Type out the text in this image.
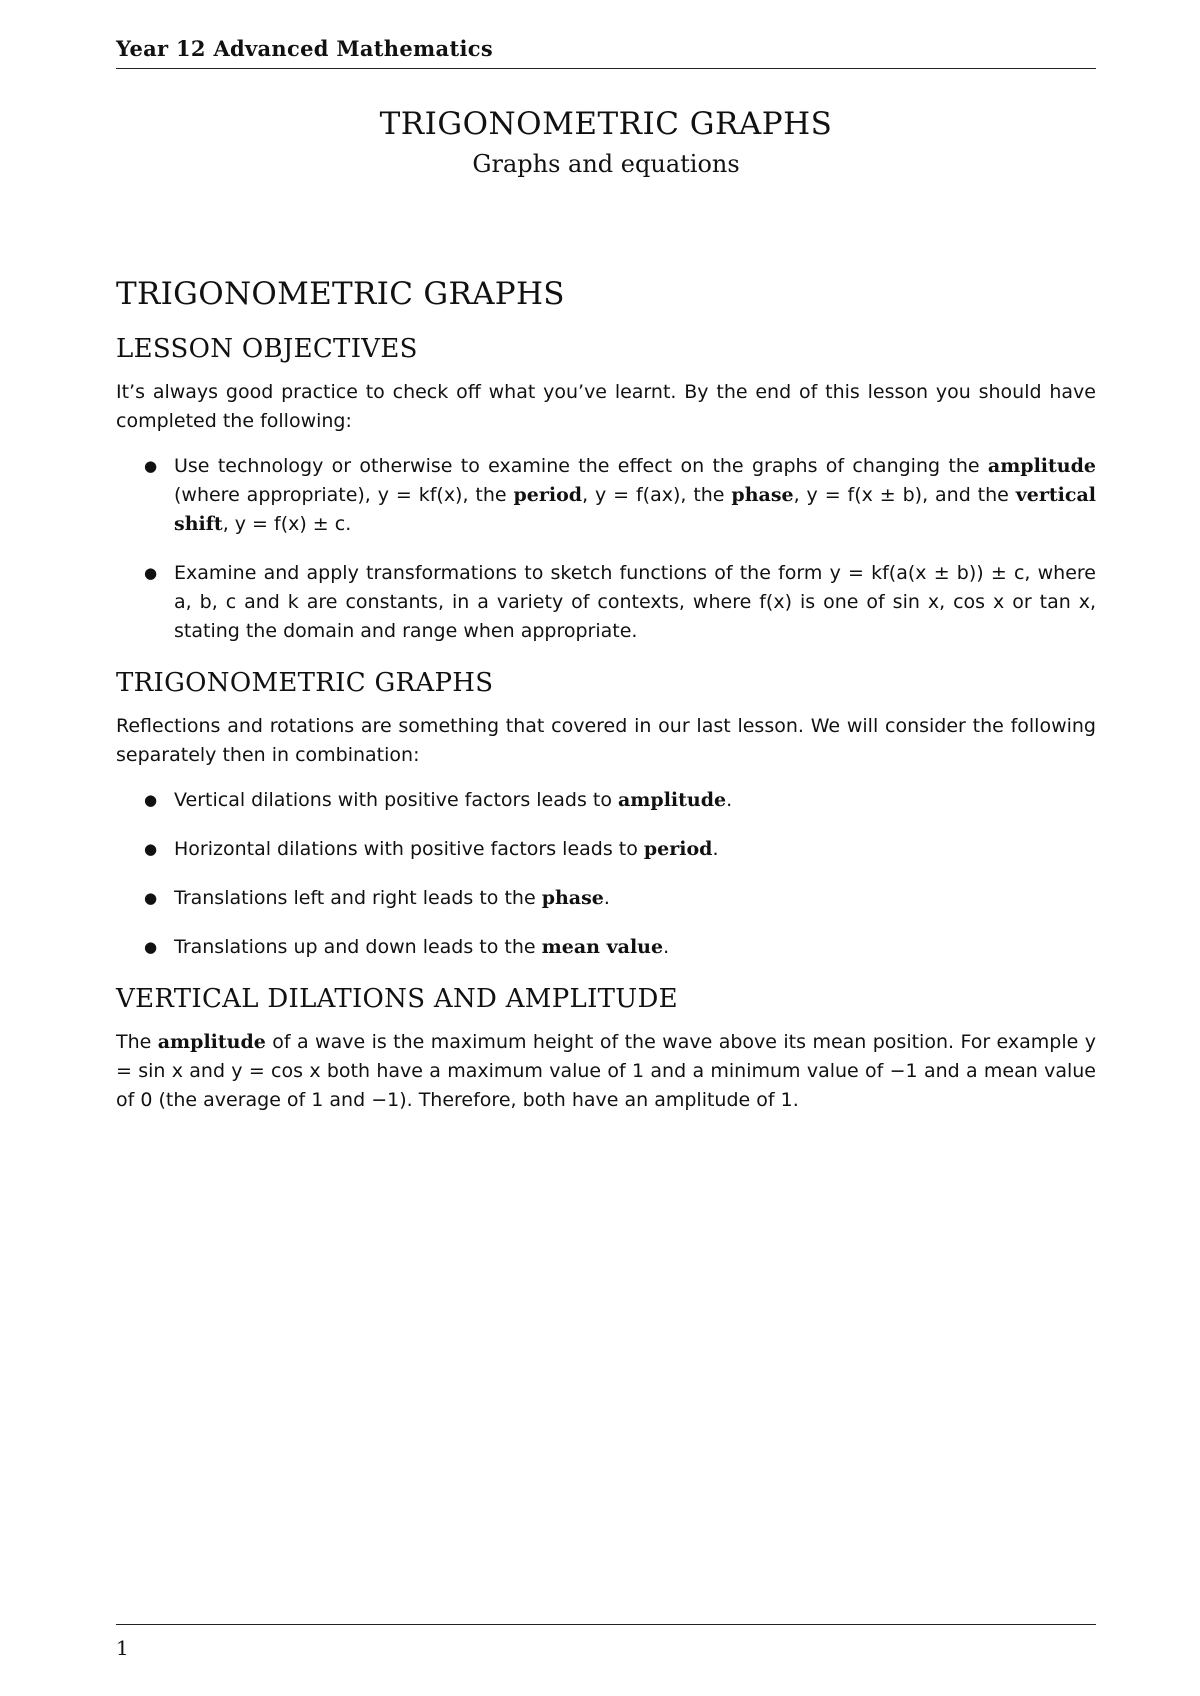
Year 12 Advanced Mathematics
TRIGONOMETRIC GRAPHS
Graphs and equations
TRIGONOMETRIC GRAPHS
LESSON OBJECTIVES

It’s always good practice to check off what you’ve learnt. By the end of this lesson you should have completed the following:

● Use technology or otherwise to examine the effect on the graphs of changing the amplitude (where appropriate), y = kf(x), the period, y = f(ax), the phase, y = f(x ± b), and the vertical shift, y = f(x) ± c.
● Examine and apply transformations to sketch functions of the form y = kf(a(x ± b)) ± c, where a, b, c and k are constants, in a variety of contexts, where f(x) is one of sin x, cos x or tan x, stating the domain and range when appropriate.
TRIGONOMETRIC GRAPHS

Reflections and rotations are something that covered in our last lesson. We will consider the following separately then in combination:

● Vertical dilations with positive factors leads to amplitude.
● Horizontal dilations with positive factors leads to period.
● Translations left and right leads to the phase.
● Translations up and down leads to the mean value.
VERTICAL DILATIONS AND AMPLITUDE

The amplitude of a wave is the maximum height of the wave above its mean position. For example y = sin x and y = cos x both have a maximum value of 1 and a minimum value of −1 and a mean value of 0 (the average of 1 and −1). Therefore, both have an amplitude of 1.

1
